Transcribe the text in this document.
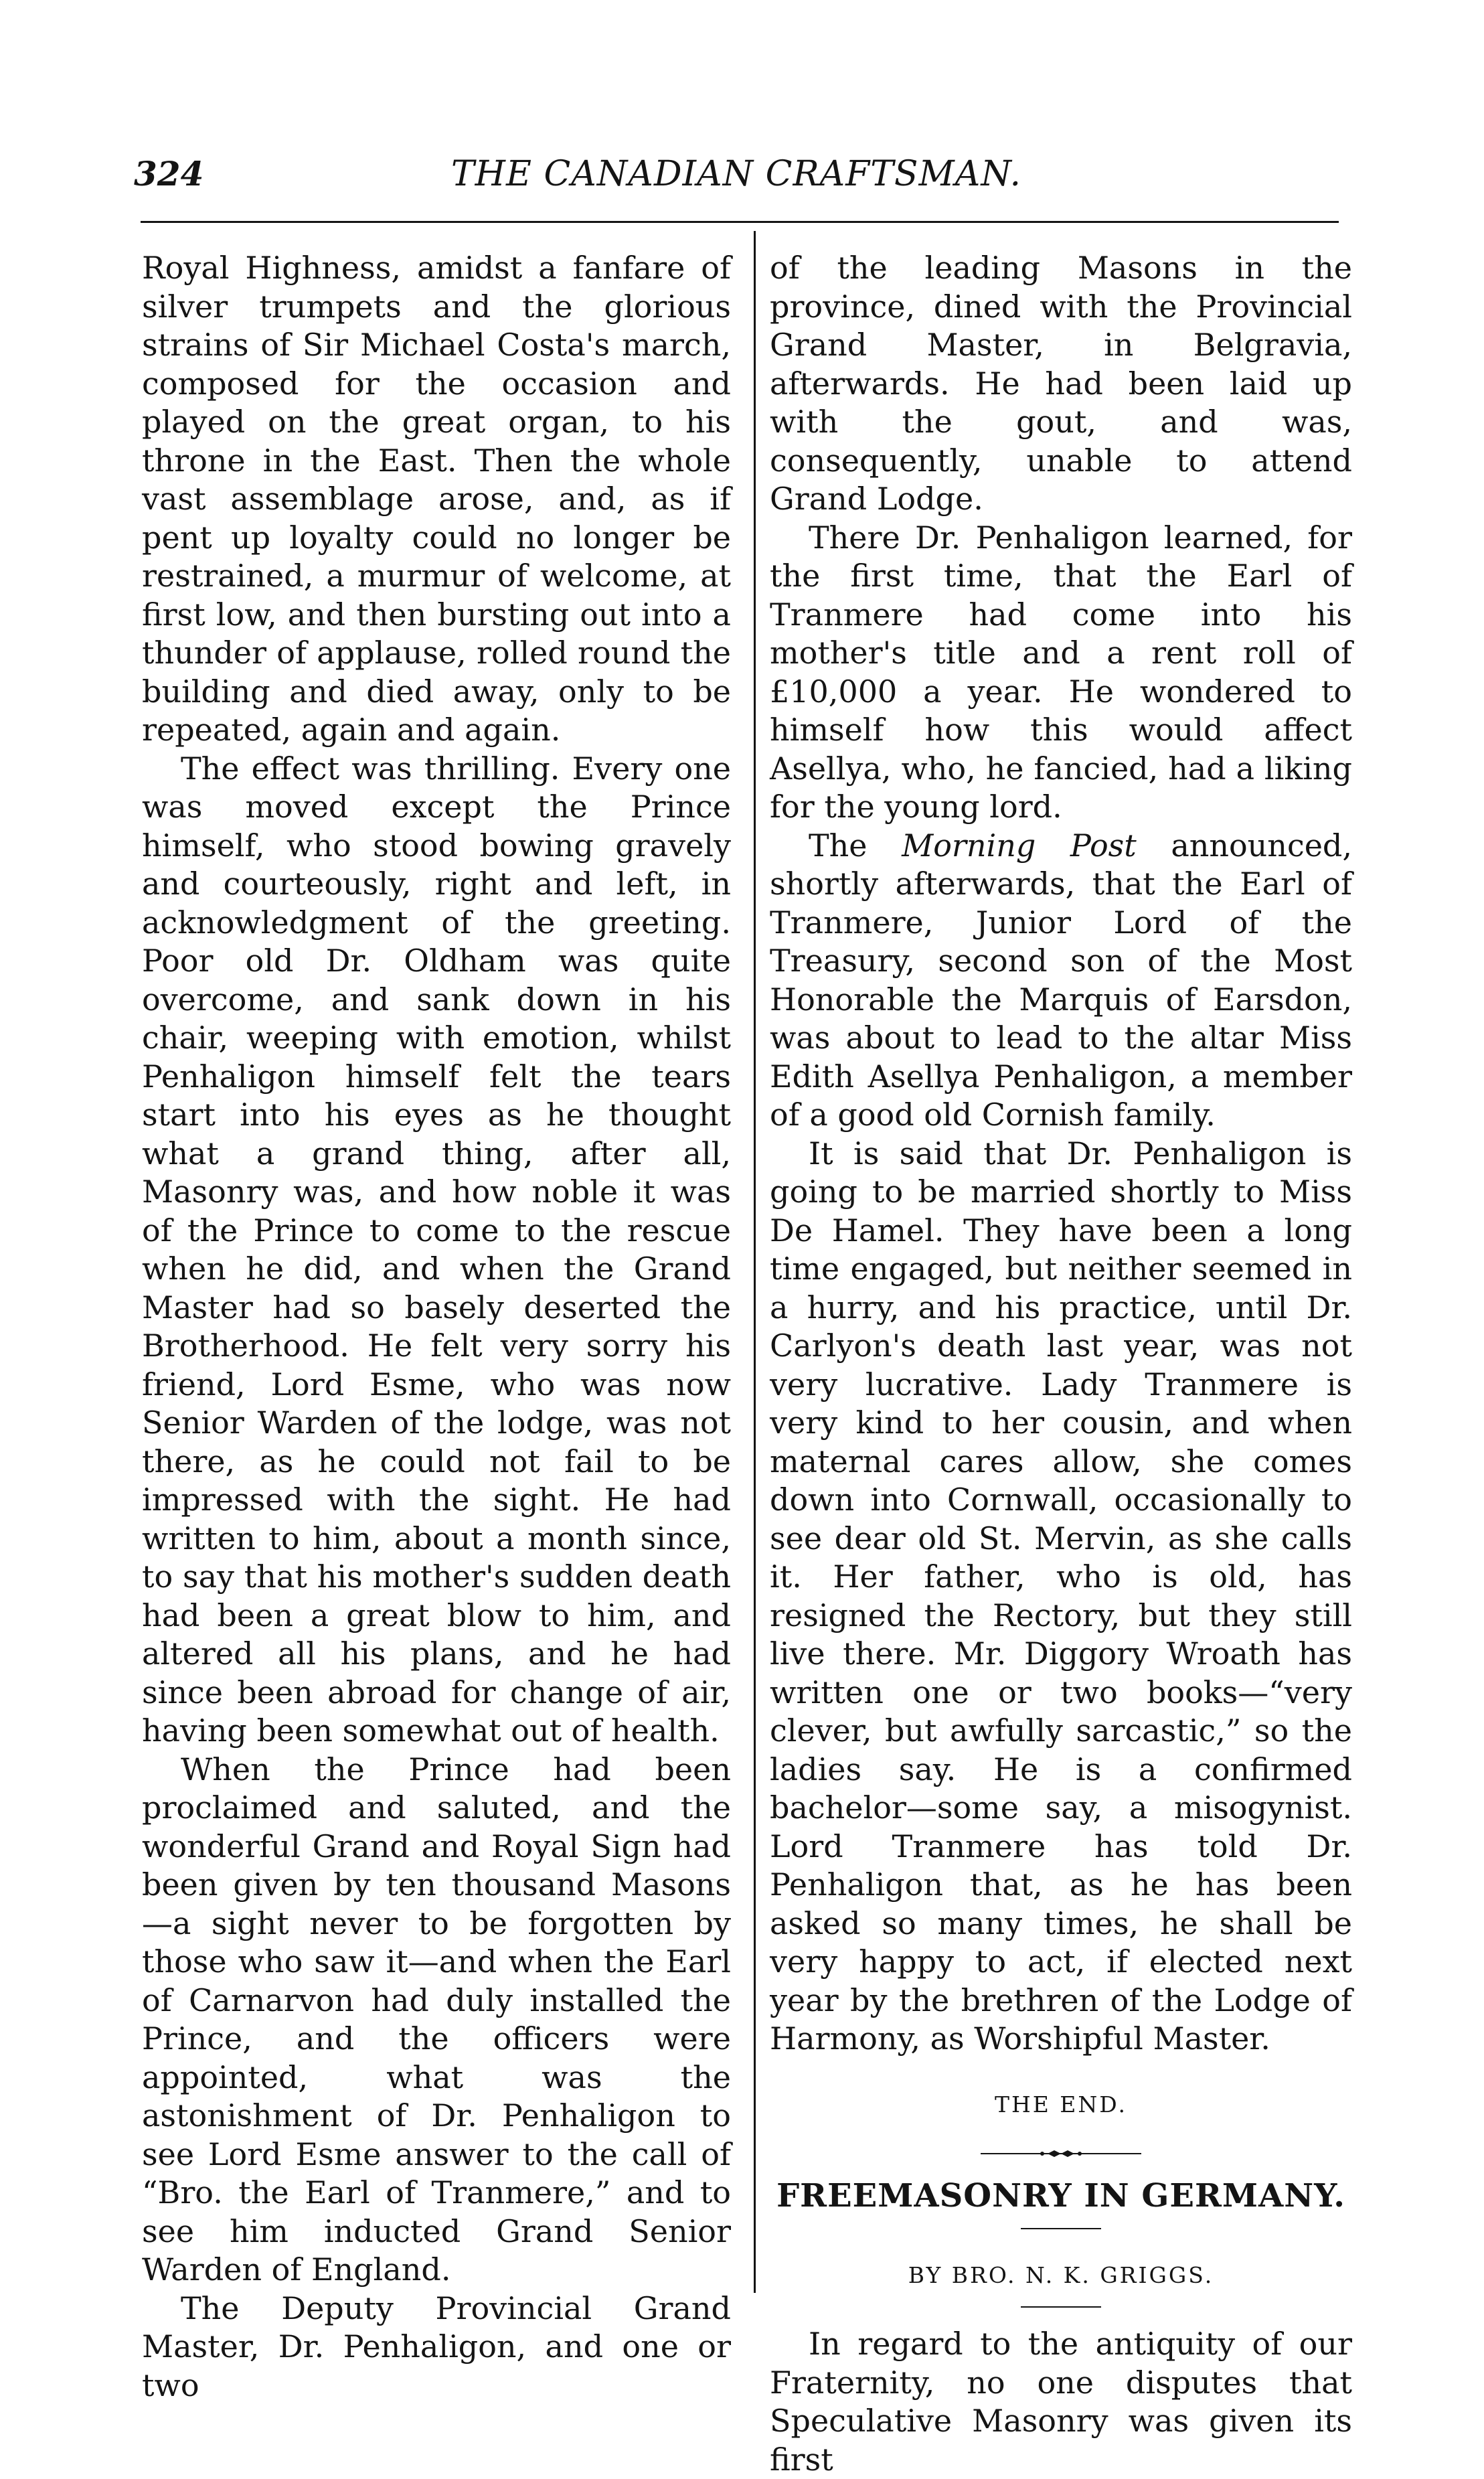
324	THE CANADIAN CRAFTSMAN.

Royal Highness, amidst a fanfare of silver trumpets and the glorious strains of Sir Michael Costa's march, composed for the occasion and played on the great organ, to his throne in the East. Then the whole vast assemblage arose, and, as if pent up loyalty could no longer be restrained, a murmur of welcome, at first low, and then bursting out into a thunder of applause, rolled round the building and died away, only to be repeated, again and again.

The effect was thrilling. Every one was moved except the Prince himself, who stood bowing gravely and courteously, right and left, in acknowledgment of the greeting. Poor old Dr. Oldham was quite overcome, and sank down in his chair, weeping with emotion, whilst Penhaligon himself felt the tears start into his eyes as he thought what a grand thing, after all, Masonry was, and how noble it was of the Prince to come to the rescue when he did, and when the Grand Master had so basely deserted the Brotherhood. He felt very sorry his friend, Lord Esme, who was now Senior Warden of the lodge, was not there, as he could not fail to be impressed with the sight. He had written to him, about a month since, to say that his mother's sudden death had been a great blow to him, and altered all his plans, and he had since been abroad for change of air, having been somewhat out of health.

When the Prince had been proclaimed and saluted, and the wonderful Grand and Royal Sign had been given by ten thousand Masons—a sight never to be forgotten by those who saw it—and when the Earl of Carnarvon had duly installed the Prince, and the officers were appointed, what was the astonishment of Dr. Penhaligon to see Lord Esme answer to the call of “Bro. the Earl of Tranmere,” and to see him inducted Grand Senior Warden of England.

The Deputy Provincial Grand Master, Dr. Penhaligon, and one or two

of the leading Masons in the province, dined with the Provincial Grand Master, in Belgravia, afterwards. He had been laid up with the gout, and was, consequently, unable to attend Grand Lodge.

There Dr. Penhaligon learned, for the first time, that the Earl of Tranmere had come into his mother's title and a rent roll of £10,000 a year. He wondered to himself how this would affect Asellya, who, he fancied, had a liking for the young lord.

The Morning Post announced, shortly afterwards, that the Earl of Tranmere, Junior Lord of the Treasury, second son of the Most Honorable the Marquis of Earsdon, was about to lead to the altar Miss Edith Asellya Penhaligon, a member of a good old Cornish family.

It is said that Dr. Penhaligon is going to be married shortly to Miss De Hamel. They have been a long time engaged, but neither seemed in a hurry, and his practice, until Dr. Carlyon's death last year, was not very lucrative. Lady Tranmere is very kind to her cousin, and when maternal cares allow, she comes down into Cornwall, occasionally to see dear old St. Mervin, as she calls it. Her father, who is old, has resigned the Rectory, but they still live there. Mr. Diggory Wroath has written one or two books—“very clever, but awfully sarcastic,” so the ladies say. He is a confirmed bachelor—some say, a misogynist. Lord Tranmere has told Dr. Penhaligon that, as he has been asked so many times, he shall be very happy to act, if elected next year by the brethren of the Lodge of Harmony, as Worshipful Master.

THE END.
FREEMASONRY IN GERMANY.
BY BRO. N. K. GRIGGS.

In regard to the antiquity of our Fraternity, no one disputes that Speculative Masonry was given its first
